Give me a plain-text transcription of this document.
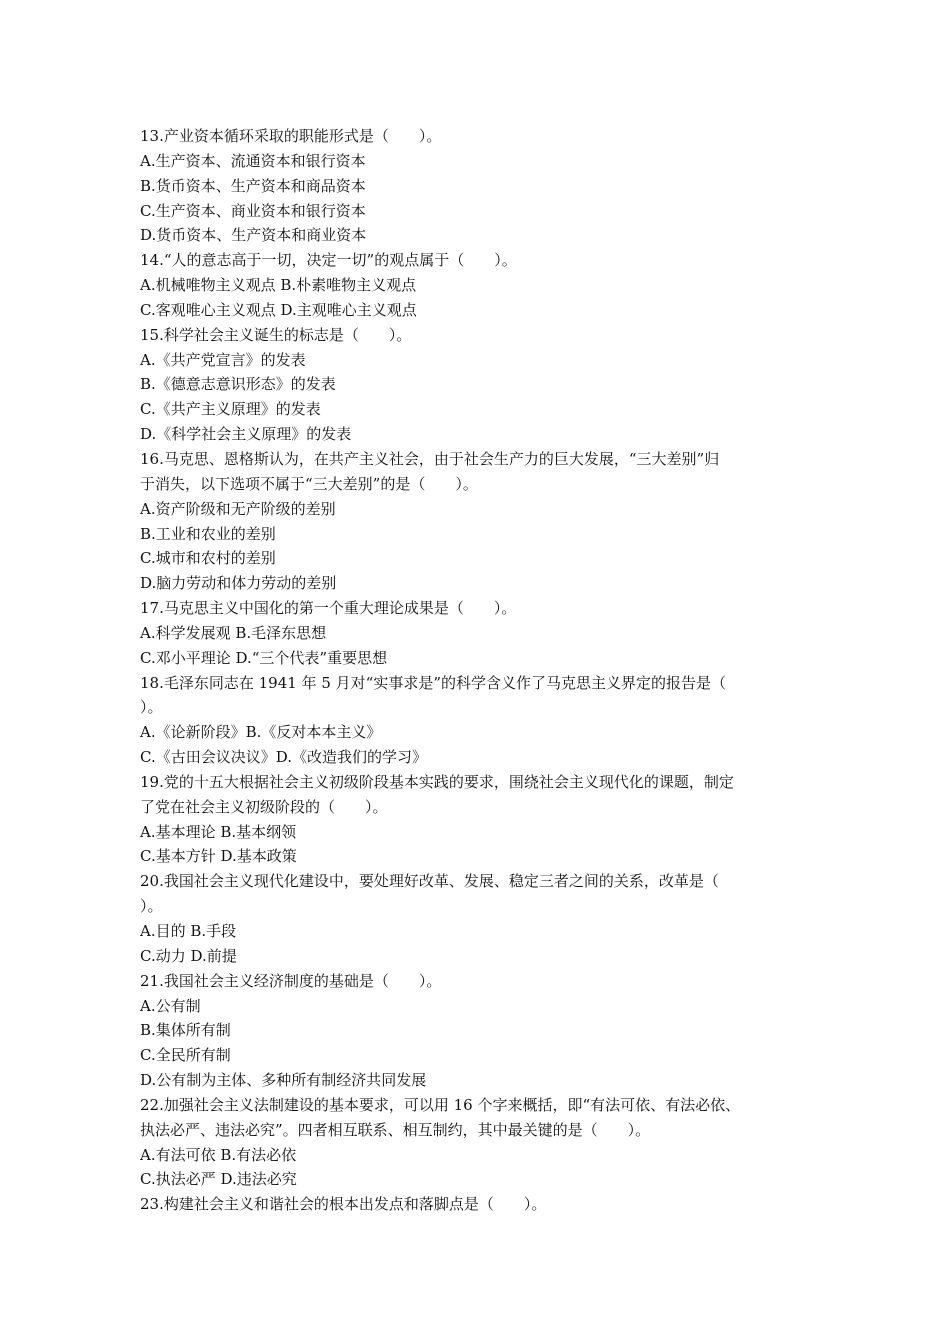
13.产业资本循环采取的职能形式是（　　）。
A.生产资本、流通资本和银行资本
B.货币资本、生产资本和商品资本
C.生产资本、商业资本和银行资本
D.货币资本、生产资本和商业资本
14.“人的意志高于一切，决定一切”的观点属于（　　）。
A.机械唯物主义观点 B.朴素唯物主义观点
C.客观唯心主义观点 D.主观唯心主义观点
15.科学社会主义诞生的标志是（　　）。
A.《共产党宣言》的发表
B.《德意志意识形态》的发表
C.《共产主义原理》的发表
D.《科学社会主义原理》的发表
16.马克思、恩格斯认为，在共产主义社会，由于社会生产力的巨大发展，“三大差别”归
于消失，以下选项不属于“三大差别”的是（　　）。
A.资产阶级和无产阶级的差别
B.工业和农业的差别
C.城市和农村的差别
D.脑力劳动和体力劳动的差别
17.马克思主义中国化的第一个重大理论成果是（　　）。
A.科学发展观 B.毛泽东思想
C.邓小平理论 D.“三个代表”重要思想
18.毛泽东同志在 1941 年 5 月对“实事求是”的科学含义作了马克思主义界定的报告是（
）。
A.《论新阶段》B.《反对本本主义》
C.《古田会议决议》D.《改造我们的学习》
19.党的十五大根据社会主义初级阶段基本实践的要求，围绕社会主义现代化的课题，制定
了党在社会主义初级阶段的（　　）。
A.基本理论 B.基本纲领
C.基本方针 D.基本政策
20.我国社会主义现代化建设中，要处理好改革、发展、稳定三者之间的关系，改革是（
）。
A.目的 B.手段
C.动力 D.前提
21.我国社会主义经济制度的基础是（　　）。
A.公有制
B.集体所有制
C.全民所有制
D.公有制为主体、多种所有制经济共同发展
22.加强社会主义法制建设的基本要求，可以用 16 个字来概括，即“有法可依、有法必依、
执法必严、违法必究”。四者相互联系、相互制约，其中最关键的是（　　）。
A.有法可依 B.有法必依
C.执法必严 D.违法必究
23.构建社会主义和谐社会的根本出发点和落脚点是（　　）。
